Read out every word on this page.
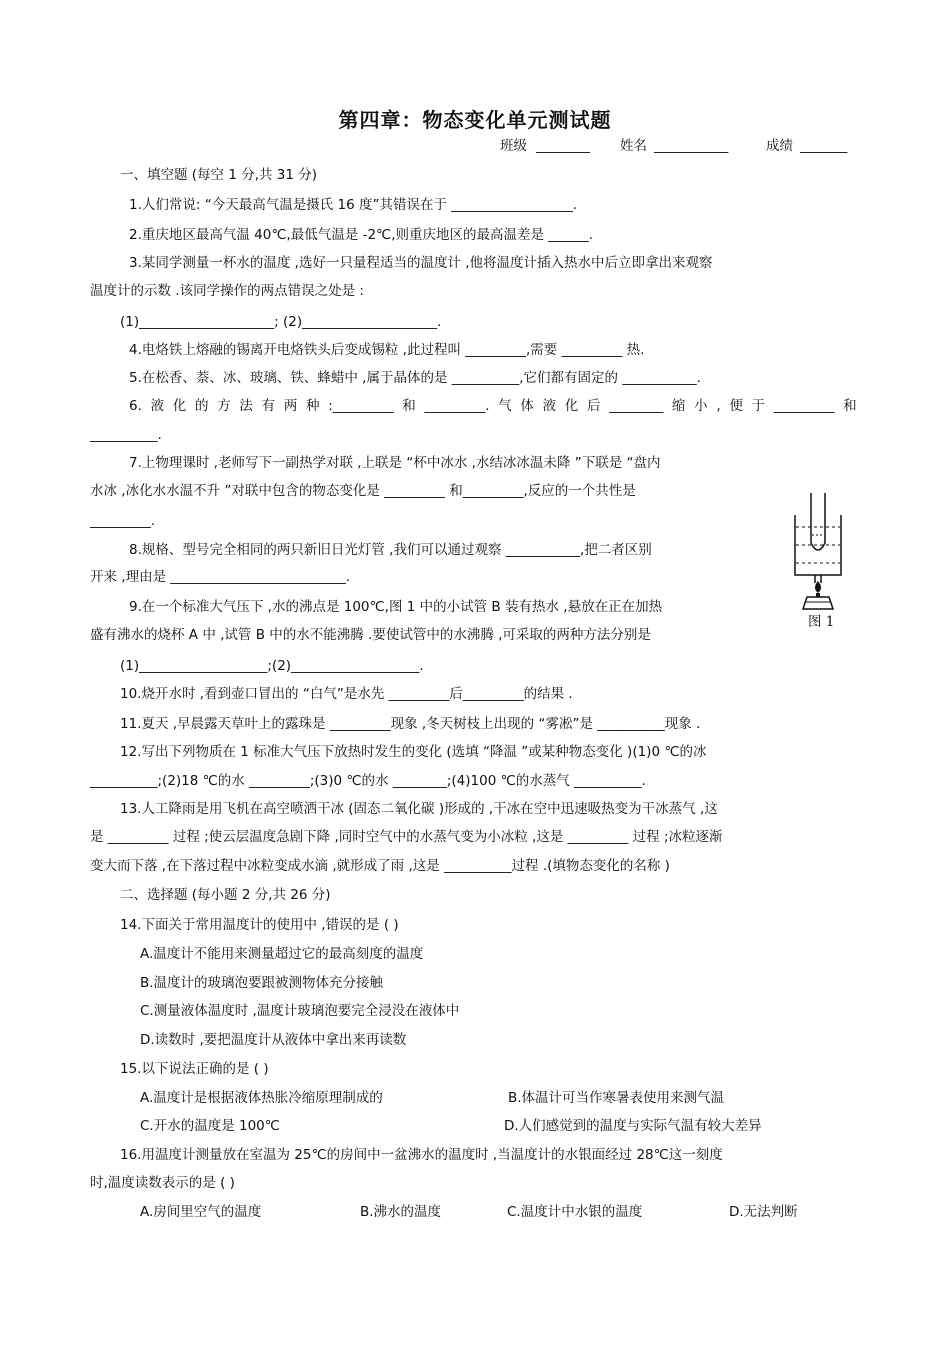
第四章：物态变化单元测试题
班级 ________ 姓名 ___________	成绩 _______
一、填空题 (每空 1 分,共 31 分)
1.人们常说: “今天最高气温是摄氏 16 度”其错误在于 __________________.
2.重庆地区最高气温 40℃,最低气温是 -2℃,则重庆地区的最高温差是 ______.
3.某同学测量一杯水的温度 ,选好一只量程适当的温度计 ,他将温度计插入热水中后立即拿出来观察
温度计的示数 .该同学操作的两点错误之处是 :
(1)____________________; (2)____________________.
4.电烙铁上熔融的锡离开电烙铁头后变成锡粒 ,此过程叫 _________,需要 _________ 热.
5.在松香、萘、冰、玻璃、铁、蜂蜡中 ,属于晶体的是 __________,它们都有固定的 ___________.
6. 液 化 的 方 法 有 两 种 :_________ 和 _________. 气 体 液 化 后 ________ 缩 小 , 便 于 _________ 和
__________.
7.上物理课时 ,老师写下一副热学对联 ,上联是 “杯中冰水 ,水结冰冰温未降 ”下联是 “盘内
水冰 ,冰化水水温不升 ”对联中包含的物态变化是 _________ 和_________,反应的一个共性是
_________.
8.规格、型号完全相同的两只新旧日光灯管 ,我们可以通过观察 ___________,把二者区别
开来 ,理由是 __________________________.
9.在一个标准大气压下 ,水的沸点是 100℃,图 1 中的小试管 B 装有热水 ,悬放在正在加热
盛有沸水的烧杯 A 中 ,试管 B 中的水不能沸腾 .要使试管中的水沸腾 ,可采取的两种方法分别是
(1)___________________;(2)___________________.
10.烧开水时 ,看到壶口冒出的 “白气”是水先 _________后_________的结果 .
11.夏天 ,早晨露天草叶上的露珠是 _________现象 ,冬天树枝上出现的 “雾凇”是 __________现象 .
12.写出下列物质在 1 标准大气压下放热时发生的变化 (选填 “降温 ”或某种物态变化 )(1)0 ℃的冰
__________;(2)18 ℃的水 _________;(3)0 ℃的水 ________;(4)100 ℃的水蒸气 __________.
13.人工降雨是用飞机在高空喷洒干冰 (固态二氧化碳 )形成的 ,干冰在空中迅速吸热变为干冰蒸气 ,这
是 _________ 过程 ;使云层温度急剧下降 ,同时空气中的水蒸气变为小冰粒 ,这是 _________ 过程 ;冰粒逐渐
变大而下落 ,在下落过程中冰粒变成水滴 ,就形成了雨 ,这是 __________过程 .(填物态变化的名称 )
图 1
二、选择题 (每小题 2 分,共 26 分)
14.下面关于常用温度计的使用中 ,错误的是 ( )
A.温度计不能用来测量超过它的最高刻度的温度
B.温度计的玻璃泡要跟被测物体充分接触
C.测量液体温度时 ,温度计玻璃泡要完全浸没在液体中
D.读数时 ,要把温度计从液体中拿出来再读数
15.以下说法正确的是 ( )
A.温度计是根据液体热胀冷缩原理制成的	B.体温计可当作寒暑表使用来测气温
C.开水的温度是 100℃	D.人们感觉到的温度与实际气温有较大差异
16.用温度计测量放在室温为 25℃的房间中一盆沸水的温度时 ,当温度计的水银面经过 28℃这一刻度
时,温度读数表示的是 ( )
A.房间里空气的温度	B.沸水的温度	C.温度计中水银的温度	D.无法判断
